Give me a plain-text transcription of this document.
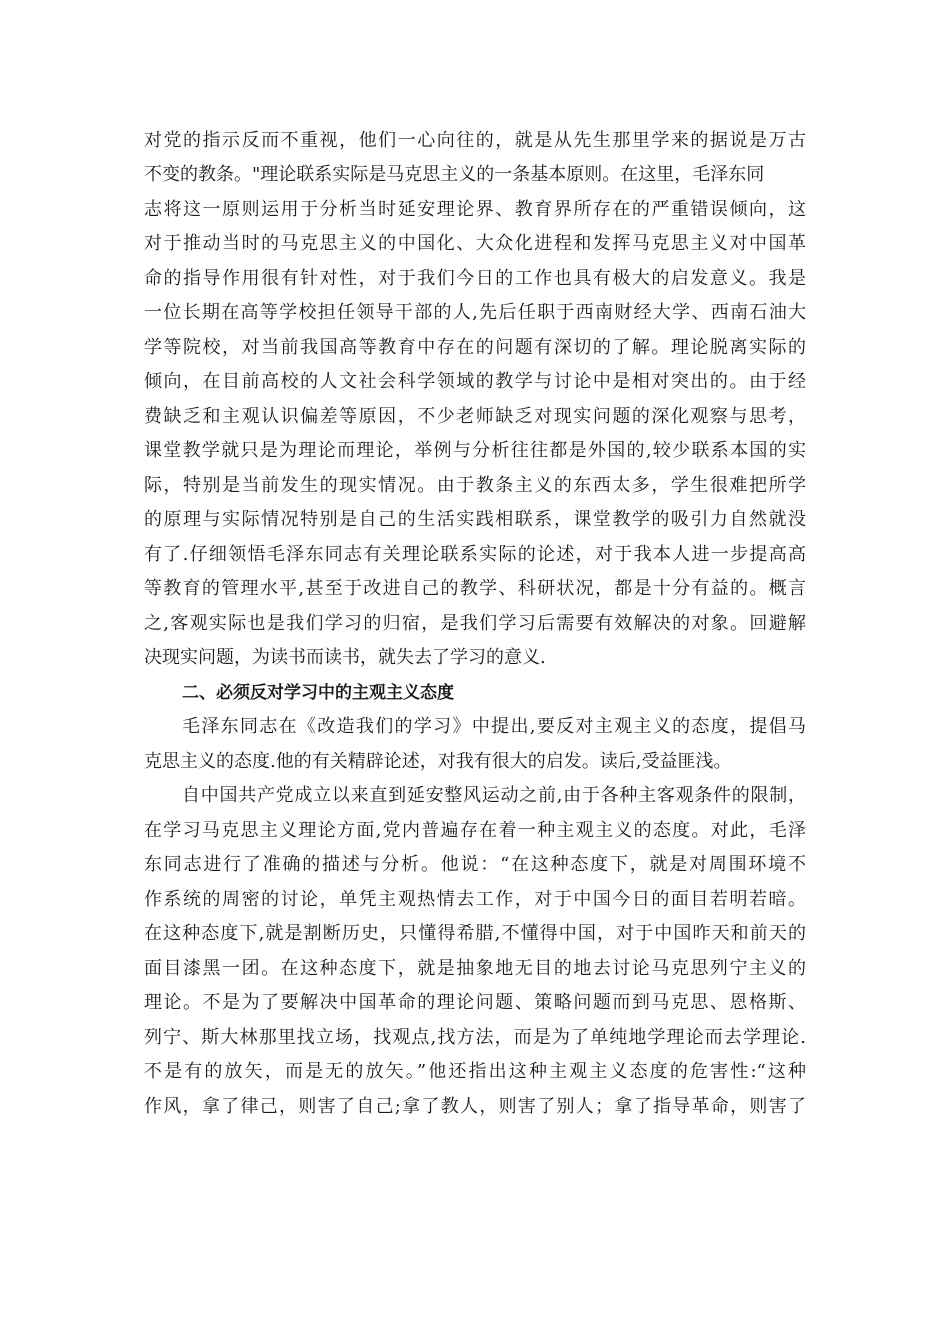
对党的指示反而不重视，他们一心向往的，就是从先生那里学来的据说是万古
不变的教条。"理论联系实际是马克思主义的一条基本原则。在这里，毛泽东同
志将这一原则运用于分析当时延安理论界、教育界所存在的严重错误倾向，这
对于推动当时的马克思主义的中国化、大众化进程和发挥马克思主义对中国革
命的指导作用很有针对性，对于我们今日的工作也具有极大的启发意义。我是
一位长期在高等学校担任领导干部的人,先后任职于西南财经大学、西南石油大
学等院校，对当前我国高等教育中存在的问题有深切的了解。理论脱离实际的
倾向，在目前高校的人文社会科学领域的教学与讨论中是相对突出的。由于经
费缺乏和主观认识偏差等原因，不少老师缺乏对现实问题的深化观察与思考，
课堂教学就只是为理论而理论，举例与分析往往都是外国的,较少联系本国的实
际，特别是当前发生的现实情况。由于教条主义的东西太多，学生很难把所学
的原理与实际情况特别是自己的生活实践相联系，课堂教学的吸引力自然就没
有了.仔细领悟毛泽东同志有关理论联系实际的论述，对于我本人进一步提高高
等教育的管理水平,甚至于改进自己的教学、科研状况，都是十分有益的。概言
之,客观实际也是我们学习的归宿，是我们学习后需要有效解决的对象。回避解
决现实问题，为读书而读书，就失去了学习的意义.
二、必须反对学习中的主观主义态度
毛泽东同志在《改造我们的学习》中提出,要反对主观主义的态度，提倡马
克思主义的态度.他的有关精辟论述，对我有很大的启发。读后,受益匪浅。
自中国共产党成立以来直到延安整风运动之前,由于各种主客观条件的限制，
在学习马克思主义理论方面,党内普遍存在着一种主观主义的态度。对此，毛泽
东同志进行了准确的描述与分析。他说：“在这种态度下，就是对周围环境不
作系统的周密的讨论，单凭主观热情去工作，对于中国今日的面目若明若暗。
在这种态度下,就是割断历史，只懂得希腊,不懂得中国，对于中国昨天和前天的
面目漆黑一团。在这种态度下，就是抽象地无目的地去讨论马克思列宁主义的
理论。不是为了要解决中国革命的理论问题、策略问题而到马克思、恩格斯、
列宁、斯大林那里找立场，找观点,找方法，而是为了单纯地学理论而去学理论.
不是有的放矢，而是无的放矢。”他还指出这种主观主义态度的危害性:“这种
作风，拿了律己，则害了自己;拿了教人，则害了别人；拿了指导革命，则害了
